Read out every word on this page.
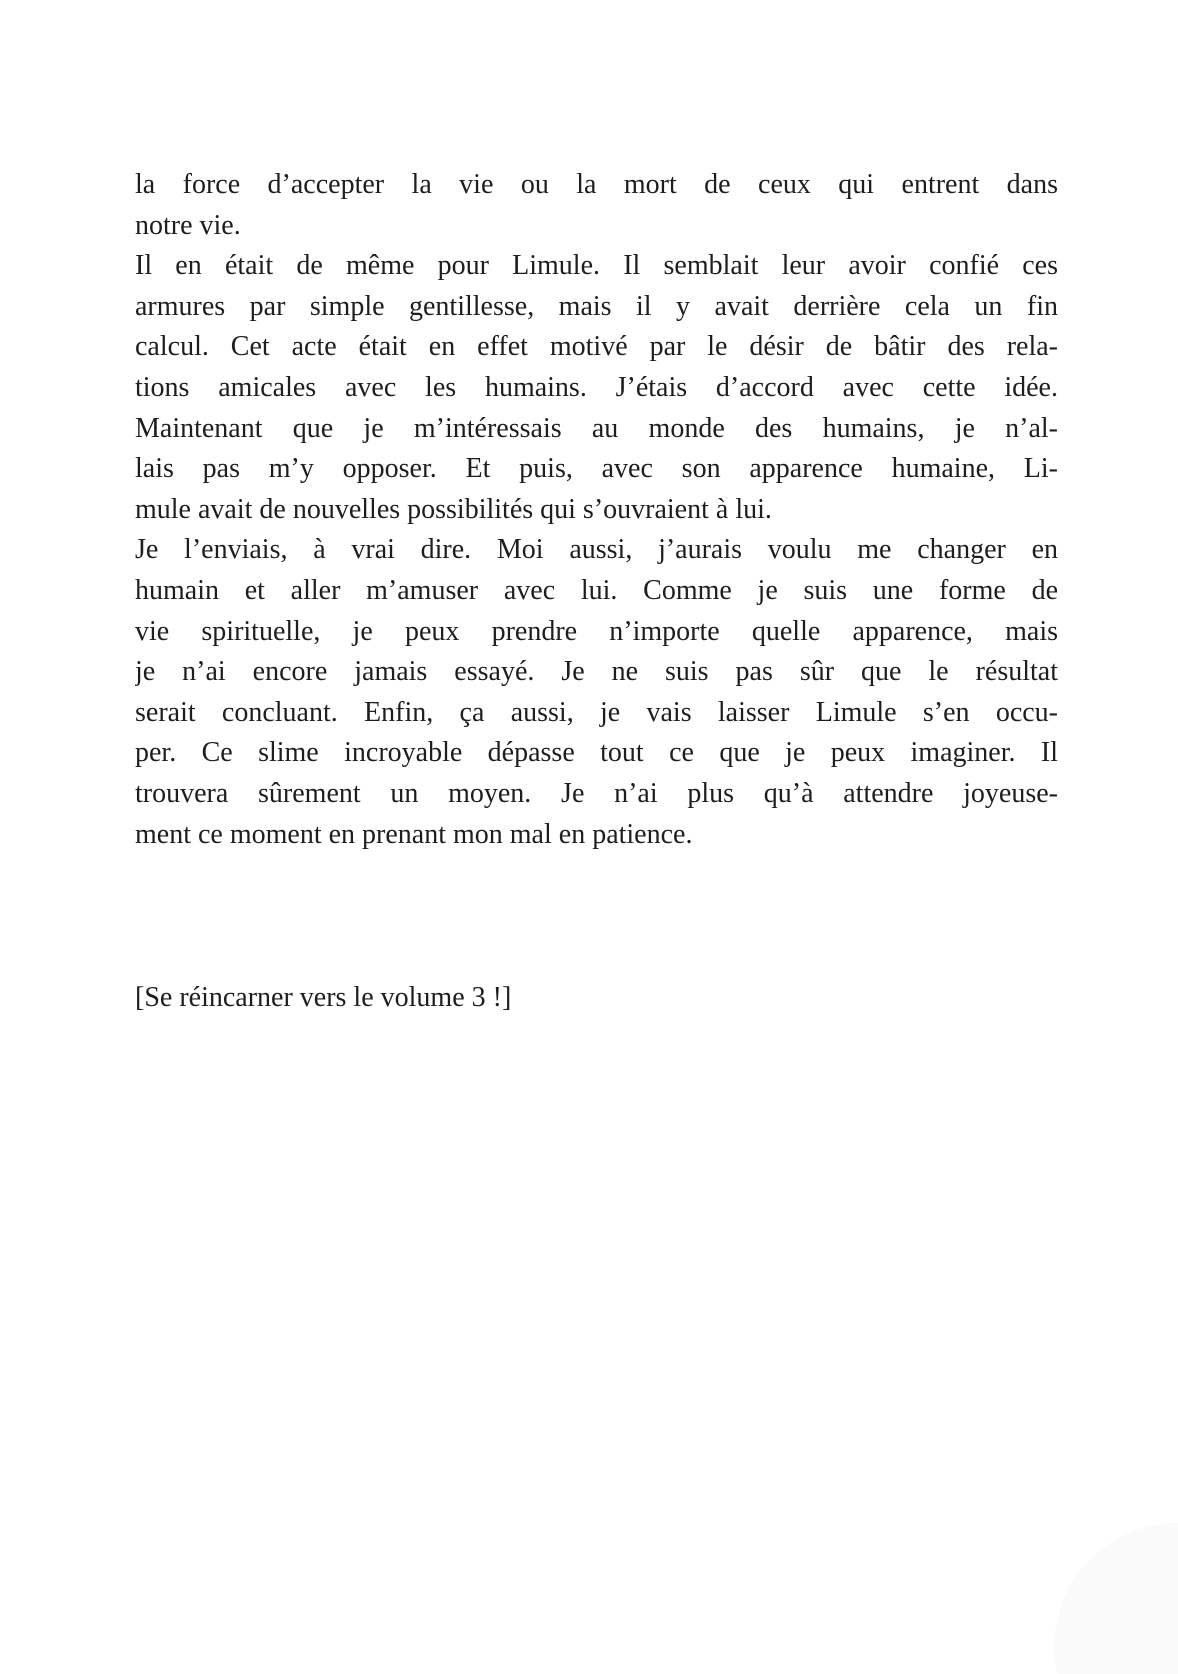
la force d’accepter la vie ou la mort de ceux qui entrent dans
notre vie.
Il en était de même pour Limule. Il semblait leur avoir confié ces
armures par simple gentillesse, mais il y avait derrière cela un fin
calcul. Cet acte était en effet motivé par le désir de bâtir des rela-
tions amicales avec les humains. J’étais d’accord avec cette idée.
Maintenant que je m’intéressais au monde des humains, je n’al-
lais pas m’y opposer. Et puis, avec son apparence humaine, Li-
mule avait de nouvelles possibilités qui s’ouvraient à lui.
Je l’enviais, à vrai dire. Moi aussi, j’aurais voulu me changer en
humain et aller m’amuser avec lui. Comme je suis une forme de
vie spirituelle, je peux prendre n’importe quelle apparence, mais
je n’ai encore jamais essayé. Je ne suis pas sûr que le résultat
serait concluant. Enfin, ça aussi, je vais laisser Limule s’en occu-
per. Ce slime incroyable dépasse tout ce que je peux imaginer. Il
trouvera sûrement un moyen. Je n’ai plus qu’à attendre joyeuse-
ment ce moment en prenant mon mal en patience.
[Se réincarner vers le volume 3 !]
